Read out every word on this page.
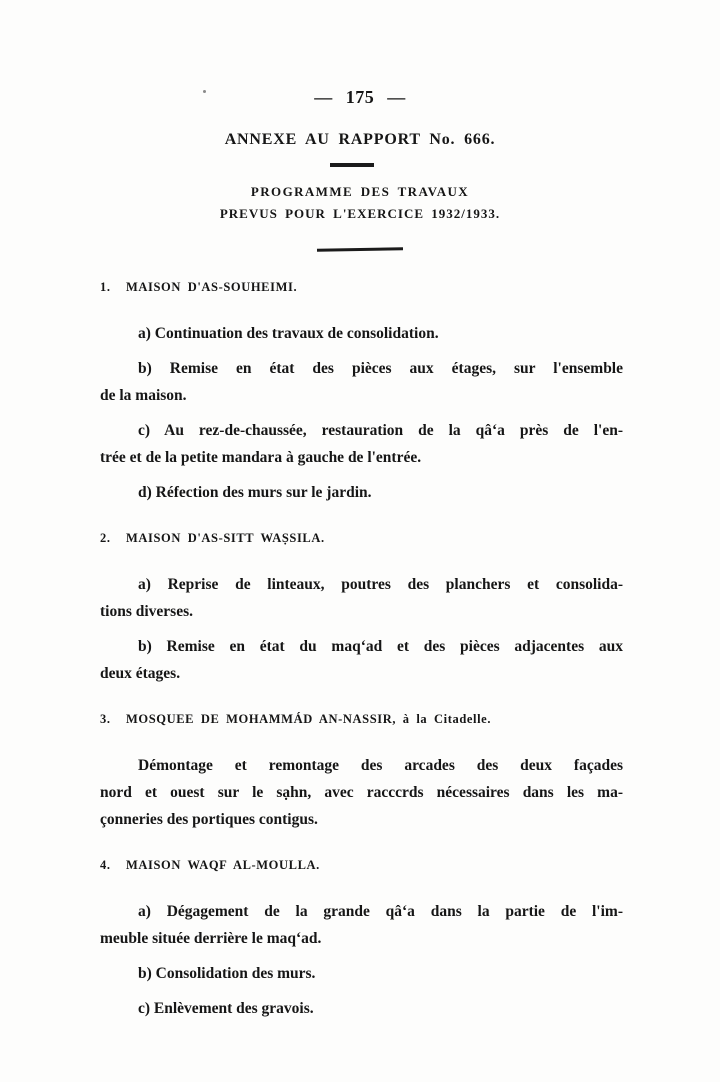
— 175 —
ANNEXE AU RAPPORT No. 666.
PROGRAMME DES TRAVAUX
PREVUS POUR L'EXERCICE 1932/1933.
1.	MAISON D'AS-SOUHEIMI.
a) Continuation des travaux de consolidation.
b) Remise en état des pièces aux étages, sur l'ensemble
de la maison.
c) Au rez-de-chaussée, restauration de la qâ‘a près de l'en-
trée et de la petite mandara à gauche de l'entrée.
d) Réfection des murs sur le jardin.
2.	MAISON D'AS-SITT WAṢSILA.
a) Reprise de linteaux, poutres des planchers et consolida-
tions diverses.
b) Remise en état du maq‘ad et des pièces adjacentes aux
deux étages.
3.	MOSQUEE DE MOHAMMÁD AN-NASSIR, à la Citadelle.
Démontage et remontage des arcades des deux façades
nord et ouest sur le sạhn, avec racccrds nécessaires dans les ma-
çonneries des portiques contigus.
4.	MAISON WAQF AL-MOULLA.
a) Dégagement de la grande qâ‘a dans la partie de l'im-
meuble située derrière le maq‘ad.
b) Consolidation des murs.
c) Enlèvement des gravois.
